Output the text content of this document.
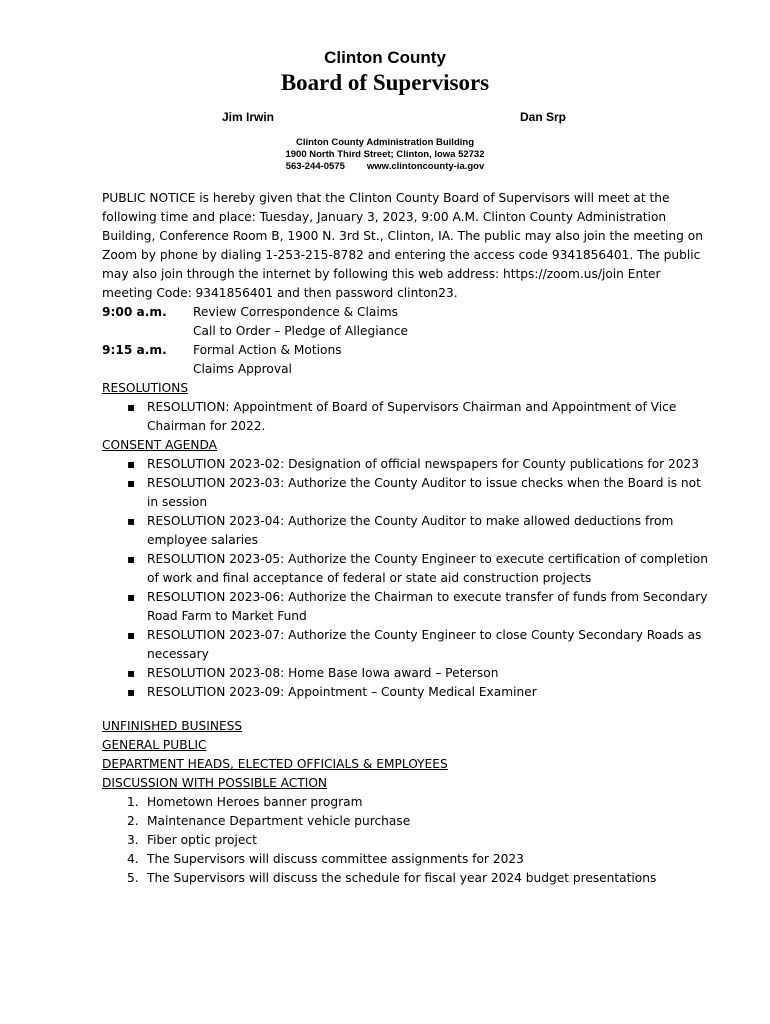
Clinton County
Board of Supervisors
Jim Irwin	Dan Srp
Clinton County Administration Building
1900 North Third Street; Clinton, Iowa 52732
563-244-0575 www.clintoncounty-ia.gov

PUBLIC NOTICE is hereby given that the Clinton County Board of Supervisors will meet at the following time and place: Tuesday, January 3, 2023, 9:00 A.M. Clinton County Administration Building, Conference Room B, 1900 N. 3rd St., Clinton, IA. The public may also join the meeting on Zoom by phone by dialing 1-253-215-8782 and entering the access code 9341856401. The public may also join through the internet by following this web address: https://zoom.us/join Enter meeting Code: 9341856401 and then password clinton23.

9:00 a.m.	Review Correspondence & Claims
Call to Order – Pledge of Allegiance
9:15 a.m.	Formal Action & Motions
Claims Approval
RESOLUTIONS
▪ RESOLUTION: Appointment of Board of Supervisors Chairman and Appointment of Vice Chairman for 2022.
CONSENT AGENDA
▪ RESOLUTION 2023-02: Designation of official newspapers for County publications for 2023
▪ RESOLUTION 2023-03: Authorize the County Auditor to issue checks when the Board is not in session
▪ RESOLUTION 2023-04: Authorize the County Auditor to make allowed deductions from employee salaries
▪ RESOLUTION 2023-05: Authorize the County Engineer to execute certification of completion of work and final acceptance of federal or state aid construction projects
▪ RESOLUTION 2023-06: Authorize the Chairman to execute transfer of funds from Secondary Road Farm to Market Fund
▪ RESOLUTION 2023-07: Authorize the County Engineer to close County Secondary Roads as necessary
▪ RESOLUTION 2023-08: Home Base Iowa award – Peterson
▪ RESOLUTION 2023-09: Appointment – County Medical Examiner
UNFINISHED BUSINESS
GENERAL PUBLIC
DEPARTMENT HEADS, ELECTED OFFICIALS & EMPLOYEES
DISCUSSION WITH POSSIBLE ACTION
1. Hometown Heroes banner program
2. Maintenance Department vehicle purchase
3. Fiber optic project
4. The Supervisors will discuss committee assignments for 2023
5. The Supervisors will discuss the schedule for fiscal year 2024 budget presentations
